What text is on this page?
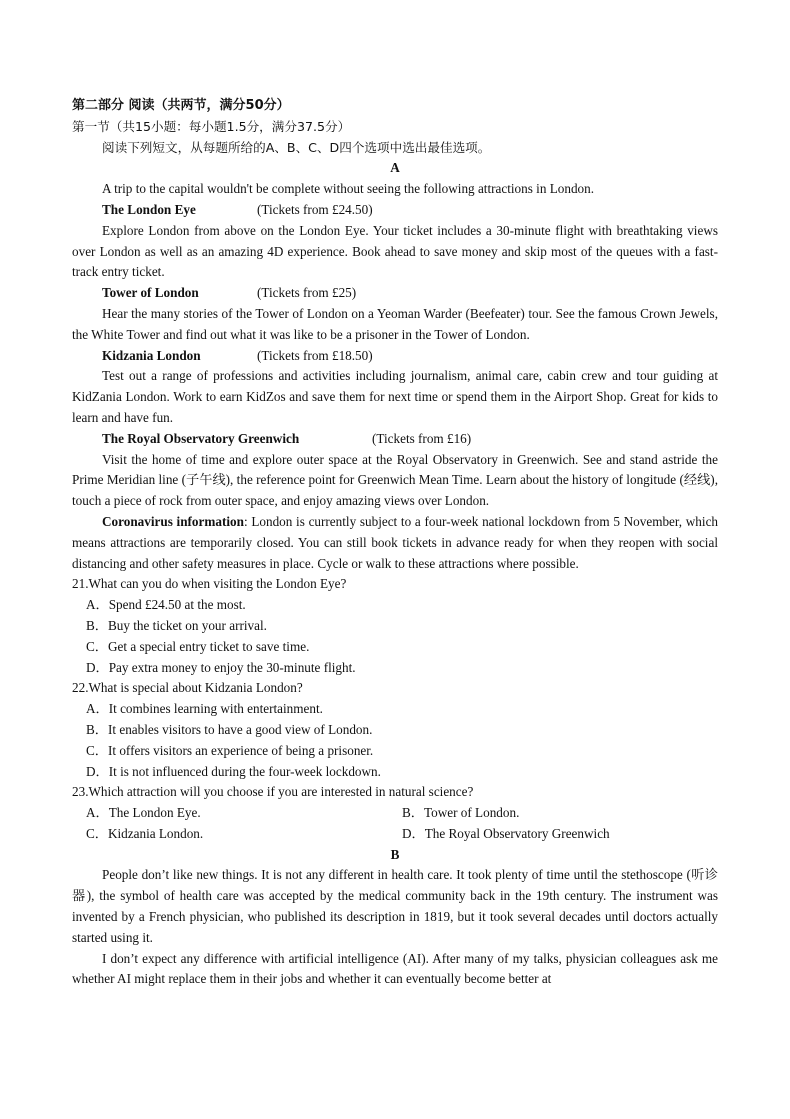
第二部分 阅读（共两节，满分50分）
第一节（共15小题：每小题1.5分，满分37.5分）
阅读下列短文，从每题所给的A、B、C、D四个选项中选出最佳选项。
A

A trip to the capital wouldn't be complete without seeing the following attractions in London.

The London Eye	(Tickets from £24.50)

Explore London from above on the London Eye. Your ticket includes a 30-minute flight with breathtaking views over London as well as an amazing 4D experience. Book ahead to save money and skip most of the queues with a fast-track entry ticket.

Tower of London	(Tickets from £25)

Hear the many stories of the Tower of London on a Yeoman Warder (Beefeater) tour. See the famous Crown Jewels, the White Tower and find out what it was like to be a prisoner in the Tower of London.

Kidzania London	(Tickets from £18.50)

Test out a range of professions and activities including journalism, animal care, cabin crew and tour guiding at KidZania London. Work to earn KidZos and save them for next time or spend them in the Airport Shop. Great for kids to learn and have fun.

The Royal Observatory Greenwich	(Tickets from £16)

Visit the home of time and explore outer space at the Royal Observatory in Greenwich. See and stand astride the Prime Meridian line (子午线), the reference point for Greenwich Mean Time. Learn about the history of longitude (经线), touch a piece of rock from outer space, and enjoy amazing views over London.

Coronavirus information: London is currently subject to a four-week national lockdown from 5 November, which means attractions are temporarily closed. You can still book tickets in advance ready for when they reopen with social distancing and other safety measures in place. Cycle or walk to these attractions where possible.

21.What can you do when visiting the London Eye?
A．Spend £24.50 at the most.
B．Buy the ticket on your arrival.
C．Get a special entry ticket to save time.
D．Pay extra money to enjoy the 30-minute flight.
22.What is special about Kidzania London?
A．It combines learning with entertainment.
B．It enables visitors to have a good view of London.
C．It offers visitors an experience of being a prisoner.
D．It is not influenced during the four-week lockdown.
23.Which attraction will you choose if you are interested in natural science?
A．The London Eye.	B．Tower of London.
C．Kidzania London.	D．The Royal Observatory Greenwich
B

People don’t like new things. It is not any different in health care. It took plenty of time until the stethoscope (听诊器), the symbol of health care was accepted by the medical community back in the 19th century. The instrument was invented by a French physician, who published its description in 1819, but it took several decades until doctors actually started using it.

I don’t expect any difference with artificial intelligence (AI). After many of my talks, physician colleagues ask me whether AI might replace them in their jobs and whether it can eventually become better at
